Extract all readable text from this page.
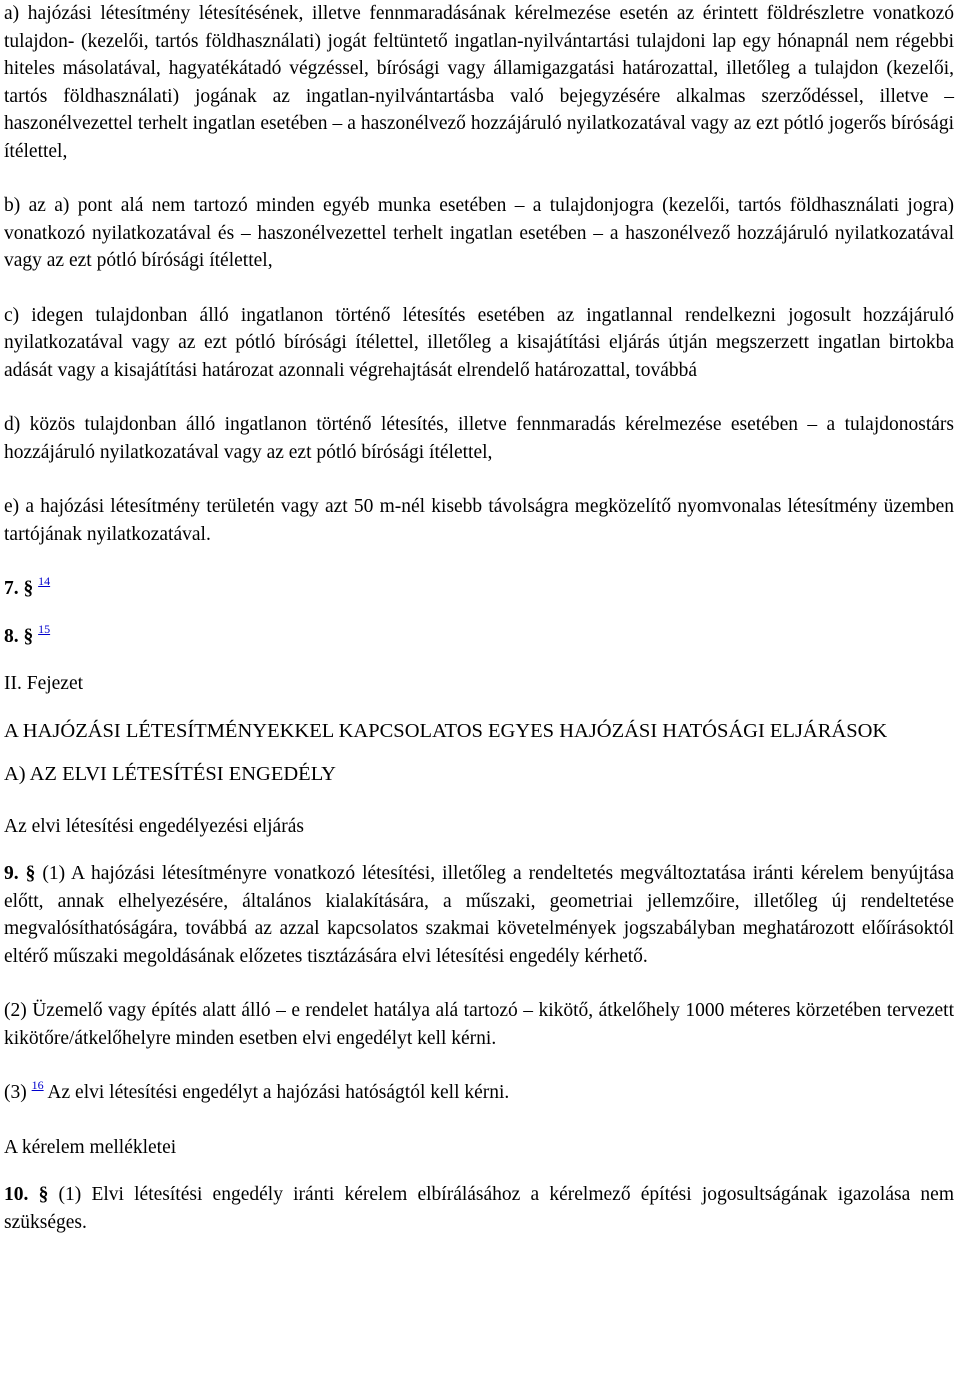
a) hajózási létesítmény létesítésének, illetve fennmaradásának kérelmezése esetén az érintett földrészletre vonatkozó tulajdon- (kezelői, tartós földhasználati) jogát feltüntető ingatlan-nyilvántartási tulajdoni lap egy hónapnál nem régebbi hiteles másolatával, hagyatékátadó végzéssel, bírósági vagy államigazgatási határozattal, illetőleg a tulajdon (kezelői, tartós földhasználati) jogának az ingatlan-nyilvántartásba való bejegyzésére alkalmas szerződéssel, illetve – haszonélvezettel terhelt ingatlan esetében – a haszonélvező hozzájáruló nyilatkozatával vagy az ezt pótló jogerős bírósági ítélettel,

b) az a) pont alá nem tartozó minden egyéb munka esetében – a tulajdonjogra (kezelői, tartós földhasználati jogra) vonatkozó nyilatkozatával és – haszonélvezettel terhelt ingatlan esetében – a haszonélvező hozzájáruló nyilatkozatával vagy az ezt pótló bírósági ítélettel,

c) idegen tulajdonban álló ingatlanon történő létesítés esetében az ingatlannal rendelkezni jogosult hozzájáruló nyilatkozatával vagy az ezt pótló bírósági ítélettel, illetőleg a kisajátítási eljárás útján megszerzett ingatlan birtokba adását vagy a kisajátítási határozat azonnali végrehajtását elrendelő határozattal, továbbá

d) közös tulajdonban álló ingatlanon történő létesítés, illetve fennmaradás kérelmezése esetében – a tulajdonostárs hozzájáruló nyilatkozatával vagy az ezt pótló bírósági ítélettel,

e) a hajózási létesítmény területén vagy azt 50 m-nél kisebb távolságra megközelítő nyomvonalas létesítmény üzemben tartójának nyilatkozatával.

7. § $^{14}$

8. § $^{15}$

II. Fejezet

A HAJÓZÁSI LÉTESÍTMÉNYEKKEL KAPCSOLATOS EGYES HAJÓZÁSI HATÓSÁGI ELJÁRÁSOK

A) AZ ELVI LÉTESÍTÉSI ENGEDÉLY

Az elvi létesítési engedélyezési eljárás

9. § (1) A hajózási létesítményre vonatkozó létesítési, illetőleg a rendeltetés megváltoztatása iránti kérelem benyújtása előtt, annak elhelyezésére, általános kialakítására, a műszaki, geometriai jellemzőire, illetőleg új rendeltetése megvalósíthatóságára, továbbá az azzal kapcsolatos szakmai követelmények jogszabályban meghatározott előírásoktól eltérő műszaki megoldásának előzetes tisztázására elvi létesítési engedély kérhető.

(2) Üzemelő vagy építés alatt álló – e rendelet hatálya alá tartozó – kikötő, átkelőhely 1000 méteres körzetében tervezett kikötőre/átkelőhelyre minden esetben elvi engedélyt kell kérni.

(3) $^{16}$ Az elvi létesítési engedélyt a hajózási hatóságtól kell kérni.

A kérelem mellékletei

10. § (1) Elvi létesítési engedély iránti kérelem elbírálásához a kérelmező építési jogosultságának igazolása nem szükséges.
